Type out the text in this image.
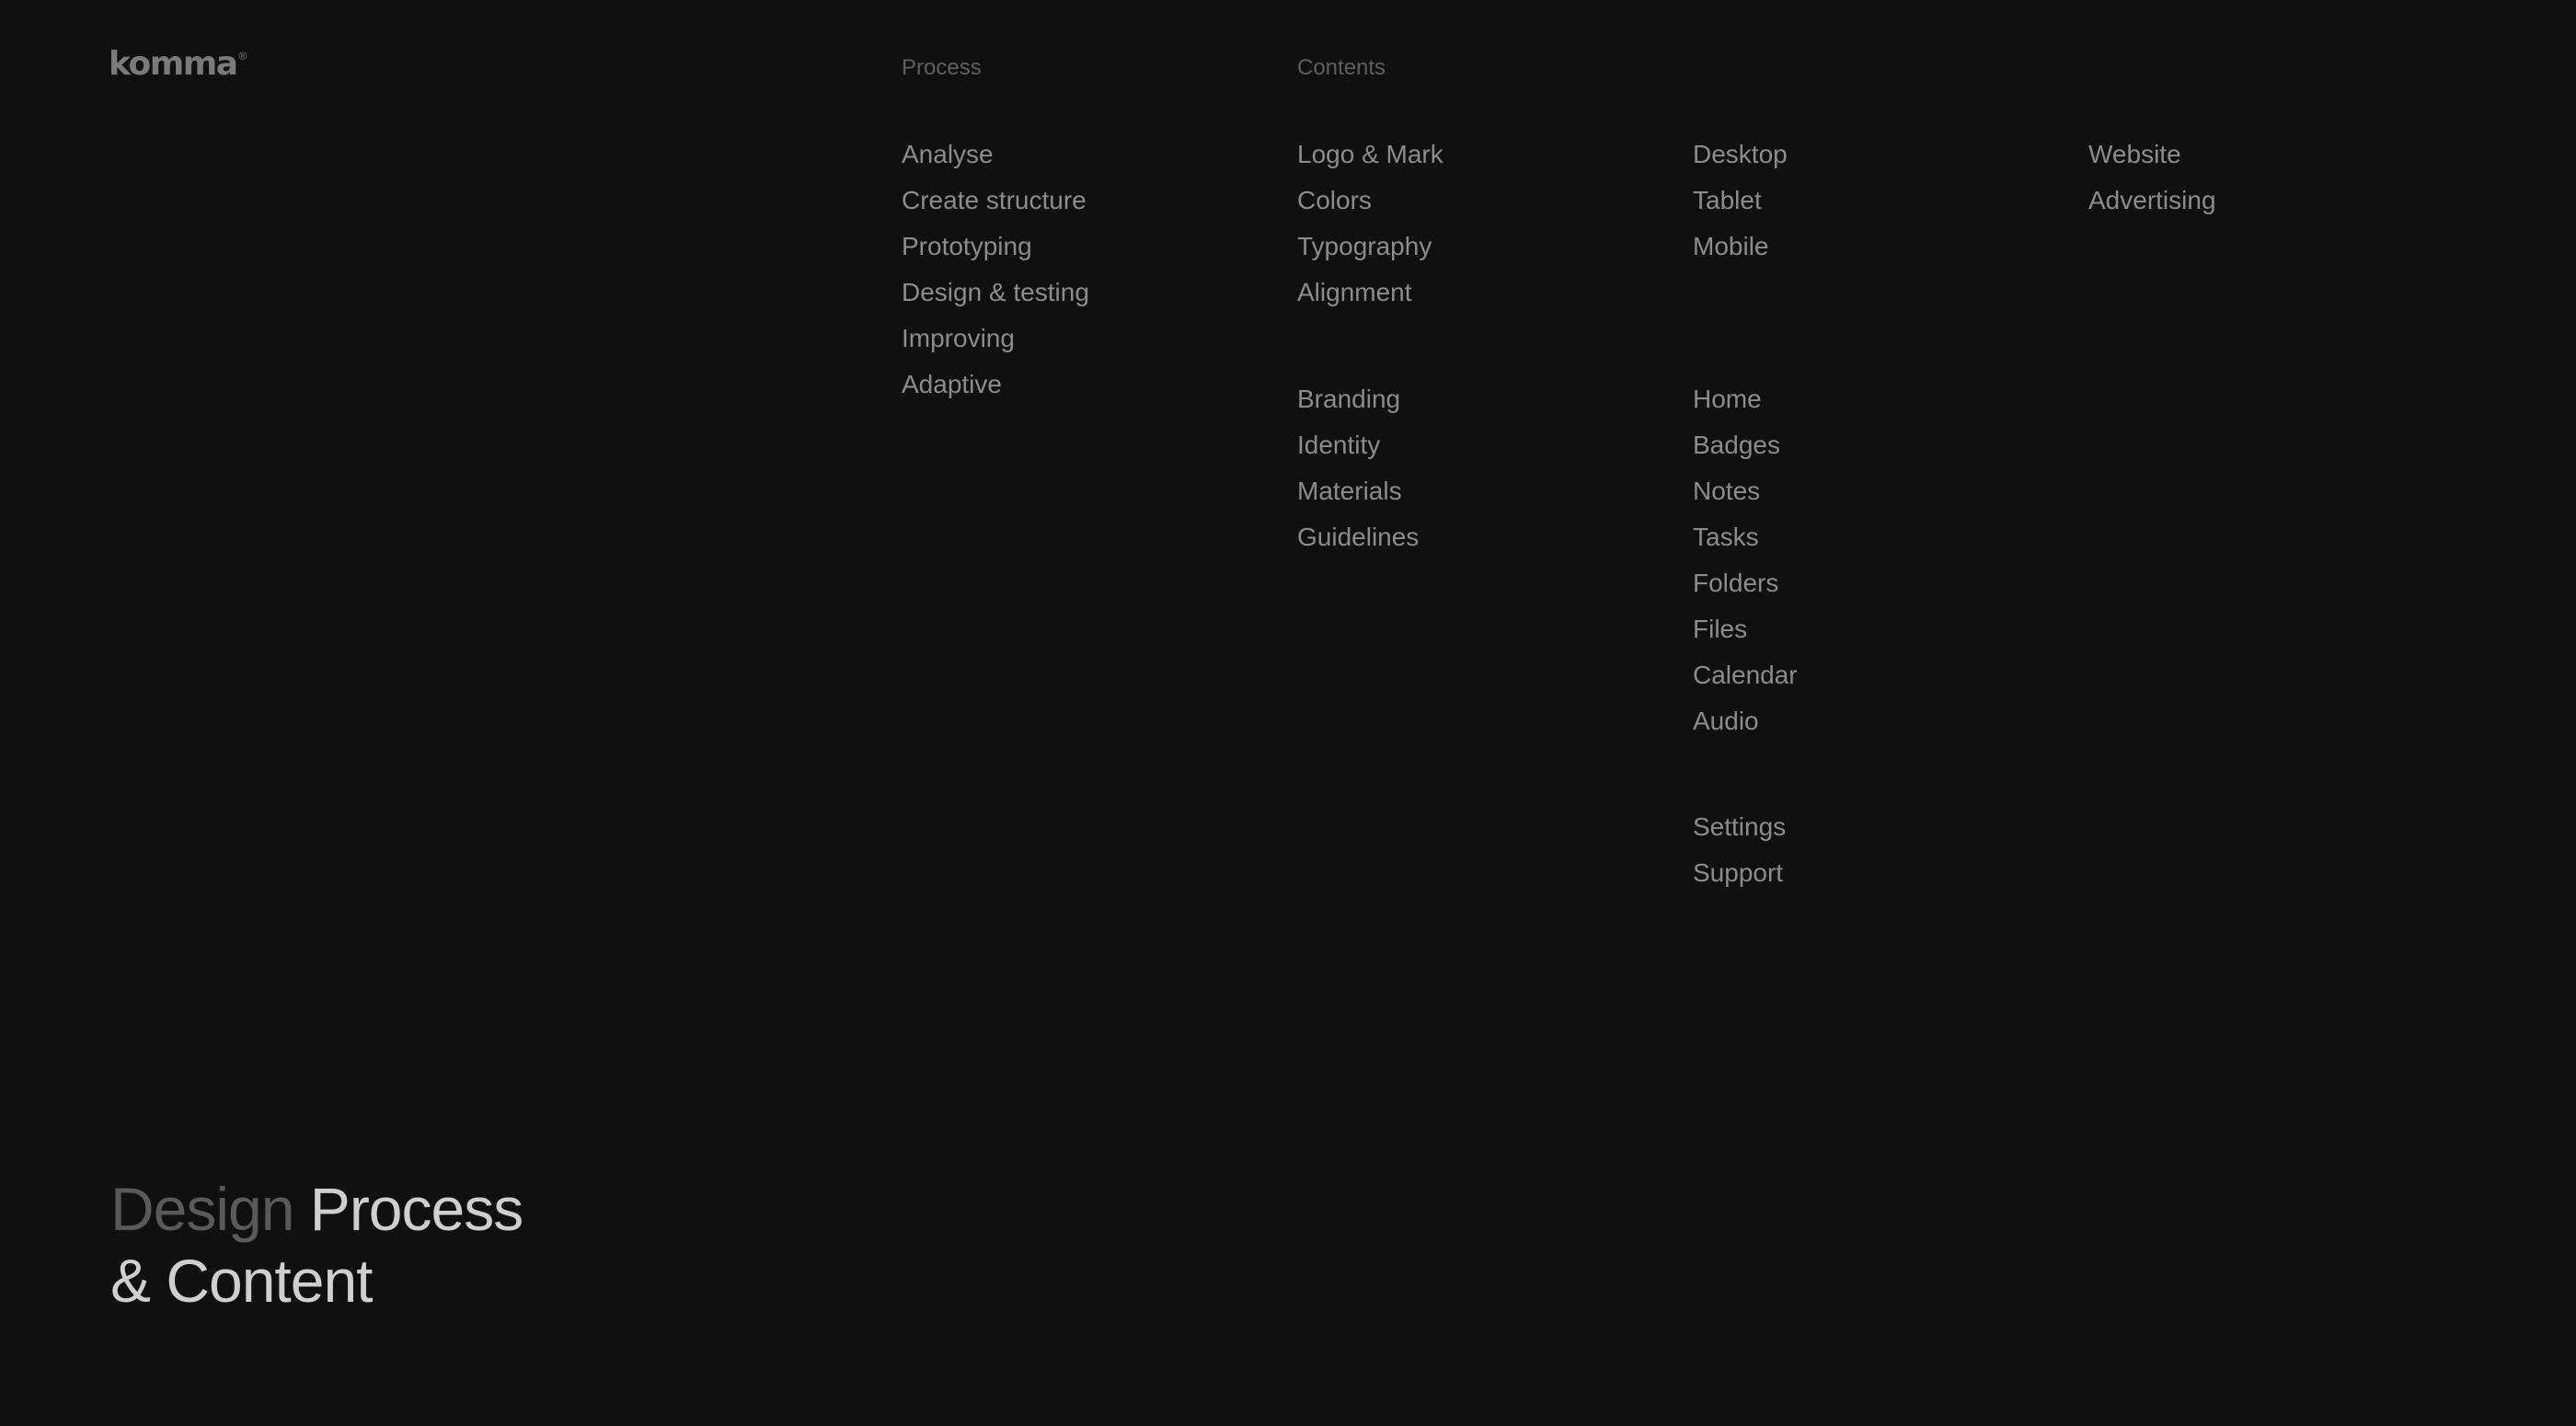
komma ®	Process
Analyse
Create structure
Prototyping
Design & testing
Improving
Adaptive
Contents
Logo & Mark
Colors
Typography
Alignment
Branding
Identity
Materials
Guidelines
Desktop
Tablet
Mobile
Home
Badges
Notes
Tasks
Folders
Files
Calendar
Audio
Settings
Support
Website
Advertising
Design Process
& Content
